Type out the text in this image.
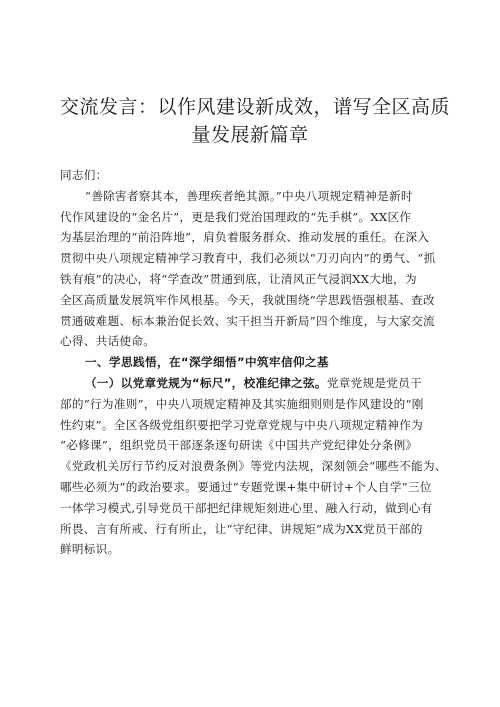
交流发言：以作风建设新成效，谱写全区高质
量发展新篇章
同志们：
“善除害者察其本，善理疾者绝其源。”中央八项规定精神是新时
代作风建设的“金名片”，更是我们党治国理政的“先手棋”。XX区作
为基层治理的“前沿阵地”，肩负着服务群众、推动发展的重任。在深入
贯彻中央八项规定精神学习教育中，我们必须以“刀刃向内”的勇气、“抓
铁有痕”的决心，将“学查改”贯通到底，让清风正气浸润XX大地，为
全区高质量发展筑牢作风根基。今天，我就围绕“学思践悟强根基、查改
贯通破难题、标本兼治促长效、实干担当开新局”四个维度，与大家交流
心得、共话使命。
一、学思践悟，在“深学细悟”中筑牢信仰之基
（一）以党章党规为“标尺”，校准纪律之弦。党章党规是党员干
部的“行为准则”，中央八项规定精神及其实施细则则是作风建设的“刚
性约束”。全区各级党组织要把学习党章党规与中央八项规定精神作为
“必修课”，组织党员干部逐条逐句研读《中国共产党纪律处分条例》
《党政机关厉行节约反对浪费条例》等党内法规，深刻领会“哪些不能为、
哪些必须为”的政治要求。要通过“专题党课+集中研讨+个人自学”三位
一体学习模式,引导党员干部把纪律规矩刻进心里、融入行动，做到心有
所畏、言有所戒、行有所止，让“守纪律、讲规矩”成为XX党员干部的
鲜明标识。
